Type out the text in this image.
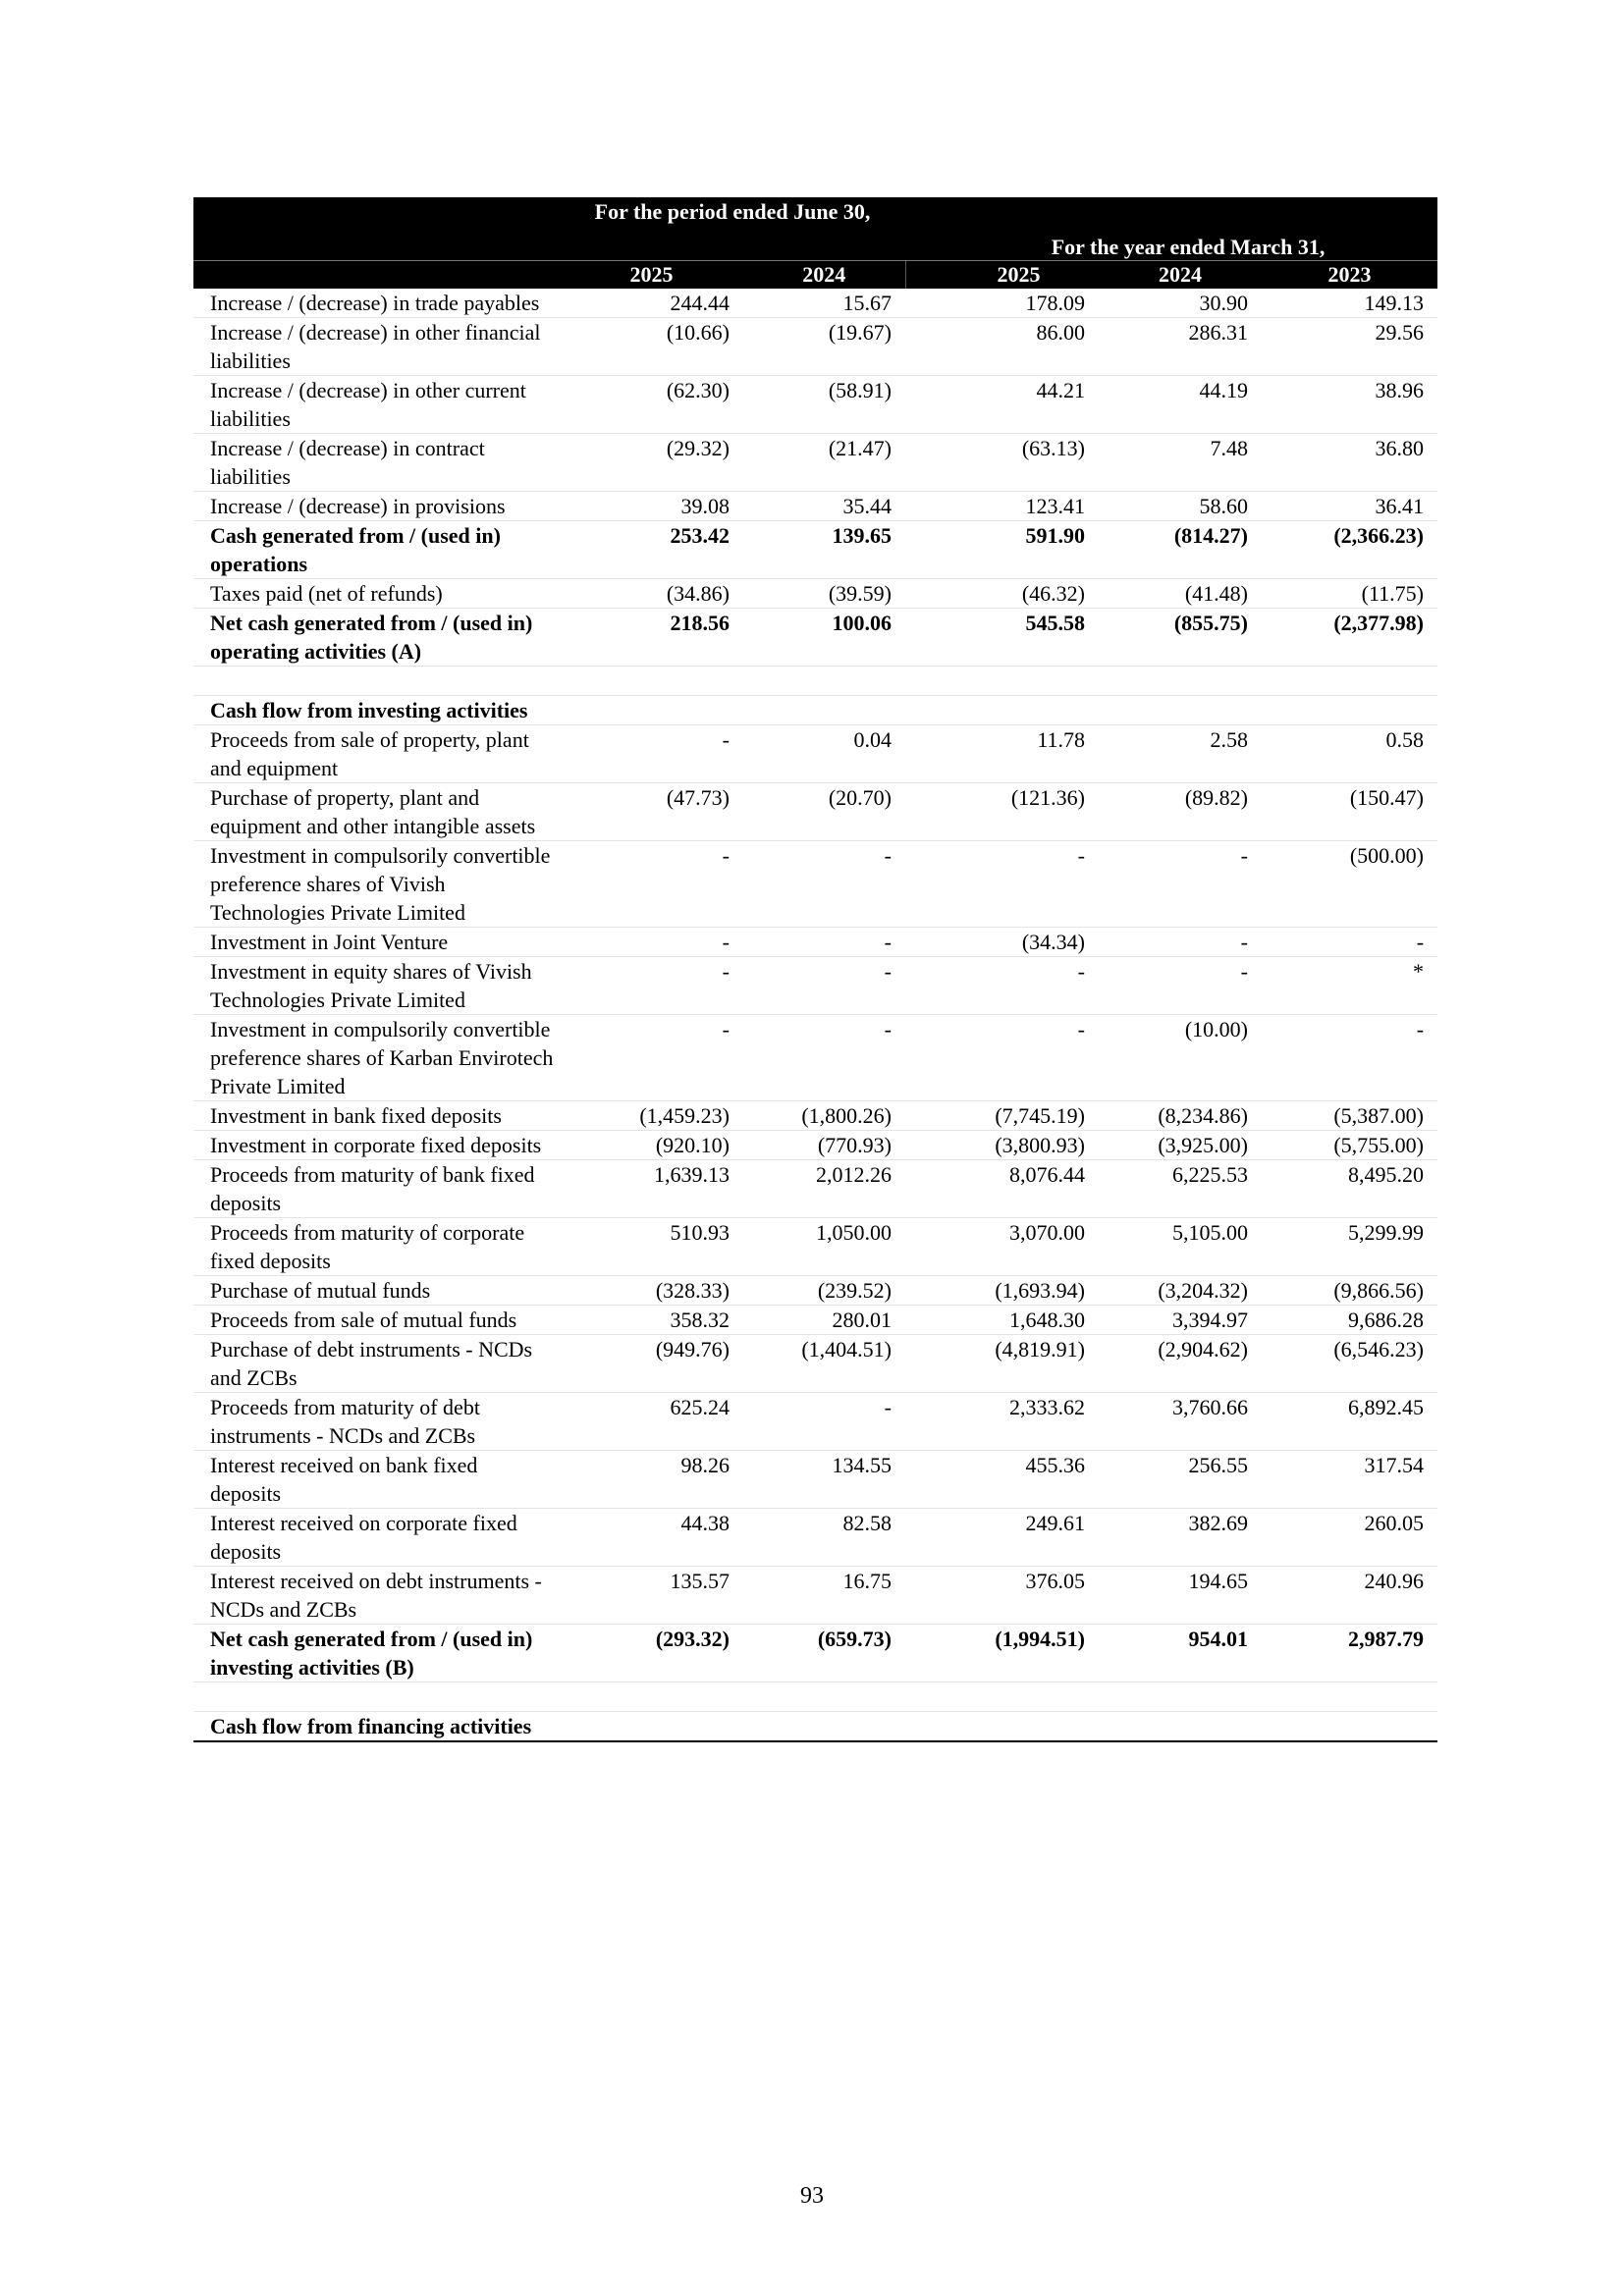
	For the period ended June 30,			For the year ended March 31,		
	2025	2024		2025	2024	2023
Increase / (decrease) in trade payables	244.44	15.67		178.09	30.90	149.13
Increase / (decrease) in other financial liabilities	(10.66)	(19.67)		86.00	286.31	29.56
Increase / (decrease) in other current liabilities	(62.30)	(58.91)		44.21	44.19	38.96
Increase / (decrease) in contract liabilities	(29.32)	(21.47)		(63.13)	7.48	36.80
Increase / (decrease) in provisions	39.08	35.44		123.41	58.60	36.41
Cash generated from / (used in) operations	253.42	139.65		591.90	(814.27)	(2,366.23)
Taxes paid (net of refunds)	(34.86)	(39.59)		(46.32)	(41.48)	(11.75)
Net cash generated from / (used in) operating activities (A)	218.56	100.06		545.58	(855.75)	(2,377.98)

Cash flow from investing activities						
Proceeds from sale of property, plant and equipment	-	0.04		11.78	2.58	0.58
Purchase of property, plant and equipment and other intangible assets	(47.73)	(20.70)		(121.36)	(89.82)	(150.47)
Investment in compulsorily convertible preference shares of Vivish Technologies Private Limited	-	-		-	-	(500.00)
Investment in Joint Venture	-	-		(34.34)	-	-
Investment in equity shares of Vivish Technologies Private Limited	-	-		-	-	*
Investment in compulsorily convertible preference shares of Karban Envirotech Private Limited	-	-		-	(10.00)	-
Investment in bank fixed deposits	(1,459.23)	(1,800.26)		(7,745.19)	(8,234.86)	(5,387.00)
Investment in corporate fixed deposits	(920.10)	(770.93)		(3,800.93)	(3,925.00)	(5,755.00)
Proceeds from maturity of bank fixed deposits	1,639.13	2,012.26		8,076.44	6,225.53	8,495.20
Proceeds from maturity of corporate fixed deposits	510.93	1,050.00		3,070.00	5,105.00	5,299.99
Purchase of mutual funds	(328.33)	(239.52)		(1,693.94)	(3,204.32)	(9,866.56)
Proceeds from sale of mutual funds	358.32	280.01		1,648.30	3,394.97	9,686.28
Purchase of debt instruments - NCDs and ZCBs	(949.76)	(1,404.51)		(4,819.91)	(2,904.62)	(6,546.23)
Proceeds from maturity of debt instruments - NCDs and ZCBs	625.24	-		2,333.62	3,760.66	6,892.45
Interest received on bank fixed deposits	98.26	134.55		455.36	256.55	317.54
Interest received on corporate fixed deposits	44.38	82.58		249.61	382.69	260.05
Interest received on debt instruments - NCDs and ZCBs	135.57	16.75		376.05	194.65	240.96
Net cash generated from / (used in) investing activities (B)	(293.32)	(659.73)		(1,994.51)	954.01	2,987.79

Cash flow from financing activities						
93
